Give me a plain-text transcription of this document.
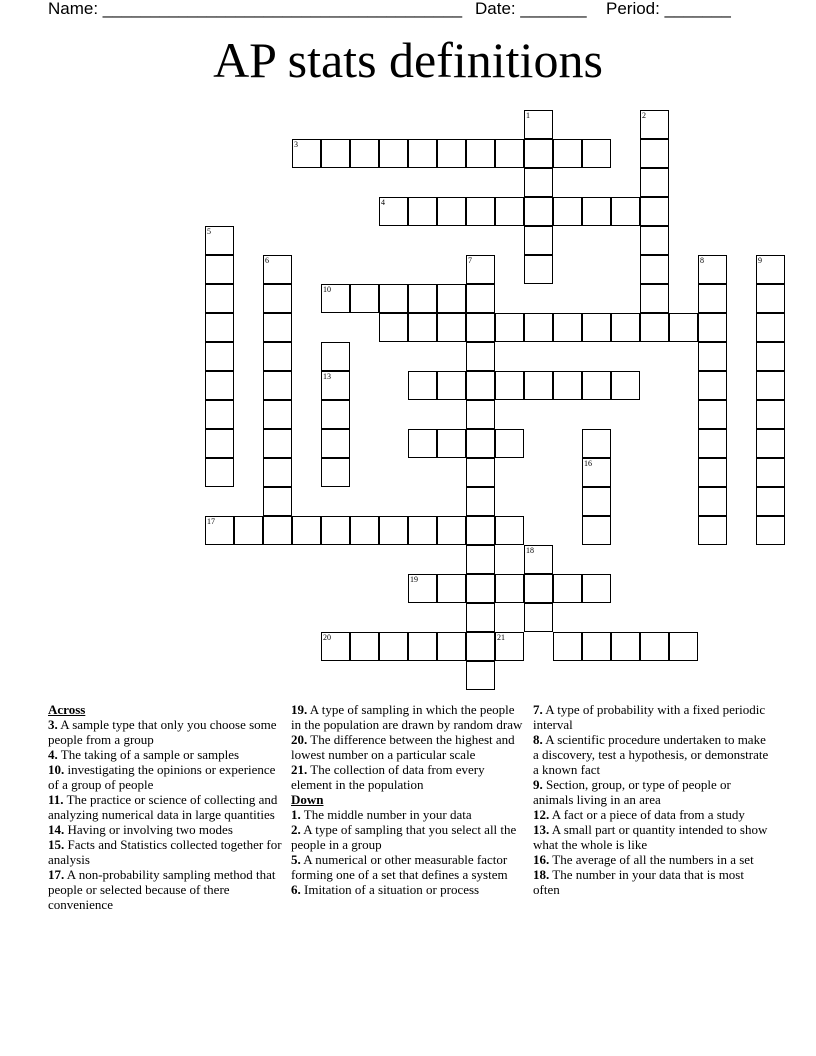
Name: ______________________________________ Date: _______ Period: _______
AP stats definitions
1	2
3
4
5
6	7	8	9
10
13
16
17
18
19
20	21
Across
3. A sample type that only you choose some people from a group
4. The taking of a sample or samples
10. investigating the opinions or experience of a group of people
11. The practice or science of collecting and analyzing numerical data in large quantities
14. Having or involving two modes
15. Facts and Statistics collected together for analysis
17. A non-probability sampling method that people or selected because of there convenience
19. A type of sampling in which the people in the population are drawn by random draw
20. The difference between the highest and lowest number on a particular scale
21. The collection of data from every element in the population
Down
1. The middle number in your data
2. A type of sampling that you select all the people in a group
5. A numerical or other measurable factor forming one of a set that defines a system
6. Imitation of a situation or process
7. A type of probability with a fixed periodic interval
8. A scientific procedure undertaken to make a discovery, test a hypothesis, or demonstrate a known fact
9. Section, group, or type of people or animals living in an area
12. A fact or a piece of data from a study
13. A small part or quantity intended to show what the whole is like
16. The average of all the numbers in a set
18. The number in your data that is most often
